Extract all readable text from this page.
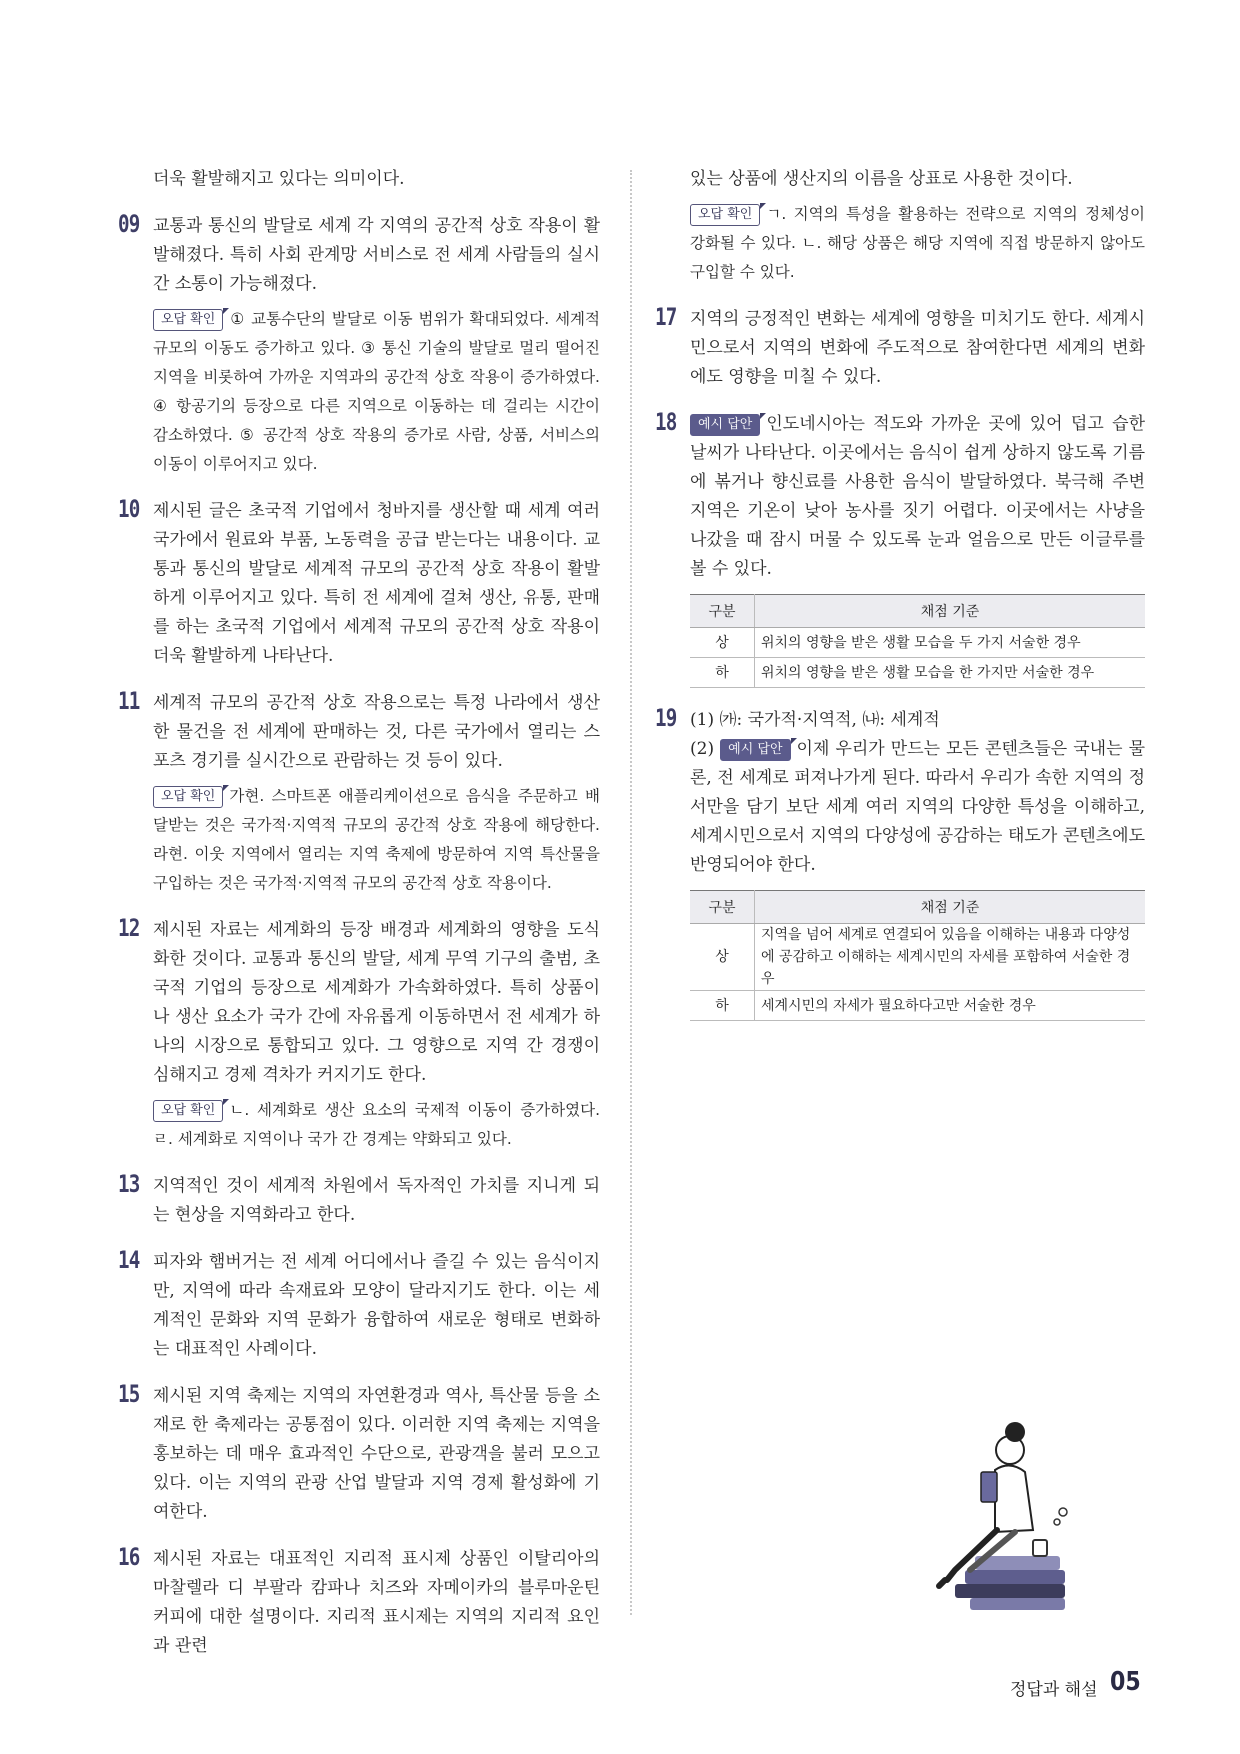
더욱 활발해지고 있다는 의미이다.

09 교통과 통신의 발달로 세계 각 지역의 공간적 상호 작용이 활발해졌다. 특히 사회 관계망 서비스로 전 세계 사람들의 실시간 소통이 가능해졌다.

오답 확인 ① 교통수단의 발달로 이동 범위가 확대되었다. 세계적 규모의 이동도 증가하고 있다. ③ 통신 기술의 발달로 멀리 떨어진 지역을 비롯하여 가까운 지역과의 공간적 상호 작용이 증가하였다. ④ 항공기의 등장으로 다른 지역으로 이동하는 데 걸리는 시간이 감소하였다. ⑤ 공간적 상호 작용의 증가로 사람, 상품, 서비스의 이동이 이루어지고 있다.

10 제시된 글은 초국적 기업에서 청바지를 생산할 때 세계 여러 국가에서 원료와 부품, 노동력을 공급 받는다는 내용이다. 교통과 통신의 발달로 세계적 규모의 공간적 상호 작용이 활발하게 이루어지고 있다. 특히 전 세계에 걸쳐 생산, 유통, 판매를 하는 초국적 기업에서 세계적 규모의 공간적 상호 작용이 더욱 활발하게 나타난다.

11 세계적 규모의 공간적 상호 작용으로는 특정 나라에서 생산한 물건을 전 세계에 판매하는 것, 다른 국가에서 열리는 스포츠 경기를 실시간으로 관람하는 것 등이 있다.

오답 확인 가현. 스마트폰 애플리케이션으로 음식을 주문하고 배달받는 것은 국가적·지역적 규모의 공간적 상호 작용에 해당한다. 라현. 이웃 지역에서 열리는 지역 축제에 방문하여 지역 특산물을 구입하는 것은 국가적·지역적 규모의 공간적 상호 작용이다.

12 제시된 자료는 세계화의 등장 배경과 세계화의 영향을 도식화한 것이다. 교통과 통신의 발달, 세계 무역 기구의 출범, 초국적 기업의 등장으로 세계화가 가속화하였다. 특히 상품이나 생산 요소가 국가 간에 자유롭게 이동하면서 전 세계가 하나의 시장으로 통합되고 있다. 그 영향으로 지역 간 경쟁이 심해지고 경제 격차가 커지기도 한다.

오답 확인 ㄴ. 세계화로 생산 요소의 국제적 이동이 증가하였다. ㄹ. 세계화로 지역이나 국가 간 경계는 약화되고 있다.

13 지역적인 것이 세계적 차원에서 독자적인 가치를 지니게 되는 현상을 지역화라고 한다.

14 피자와 햄버거는 전 세계 어디에서나 즐길 수 있는 음식이지만, 지역에 따라 속재료와 모양이 달라지기도 한다. 이는 세계적인 문화와 지역 문화가 융합하여 새로운 형태로 변화하는 대표적인 사례이다.

15 제시된 지역 축제는 지역의 자연환경과 역사, 특산물 등을 소재로 한 축제라는 공통점이 있다. 이러한 지역 축제는 지역을 홍보하는 데 매우 효과적인 수단으로, 관광객을 불러 모으고 있다. 이는 지역의 관광 산업 발달과 지역 경제 활성화에 기여한다.

16 제시된 자료는 대표적인 지리적 표시제 상품인 이탈리아의 마찰렐라 디 부팔라 캄파나 치즈와 자메이카의 블루마운틴 커피에 대한 설명이다. 지리적 표시제는 지역의 지리적 요인과 관련

있는 상품에 생산지의 이름을 상표로 사용한 것이다.

오답 확인 ㄱ. 지역의 특성을 활용하는 전략으로 지역의 정체성이 강화될 수 있다. ㄴ. 해당 상품은 해당 지역에 직접 방문하지 않아도 구입할 수 있다.

17 지역의 긍정적인 변화는 세계에 영향을 미치기도 한다. 세계시민으로서 지역의 변화에 주도적으로 참여한다면 세계의 변화에도 영향을 미칠 수 있다.

18	예시 답안 인도네시아는 적도와 가까운 곳에 있어 덥고 습한 날씨가 나타난다. 이곳에서는 음식이 쉽게 상하지 않도록 기름에 볶거나 향신료를 사용한 음식이 발달하였다. 북극해 주변 지역은 기온이 낮아 농사를 짓기 어렵다. 이곳에서는 사냥을 나갔을 때 잠시 머물 수 있도록 눈과 얼음으로 만든 이글루를 볼 수 있다.

구분	채점 기준
상	위치의 영향을 받은 생활 모습을 두 가지 서술한 경우
하	위치의 영향을 받은 생활 모습을 한 가지만 서술한 경우
19 (1) ㈎: 국가적·지역적, ㈏: 세계적

(2) 예시 답안 이제 우리가 만드는 모든 콘텐츠들은 국내는 물론, 전 세계로 퍼져나가게 된다. 따라서 우리가 속한 지역의 정서만을 담기 보단 세계 여러 지역의 다양한 특성을 이해하고, 세계시민으로서 지역의 다양성에 공감하는 태도가 콘텐츠에도 반영되어야 한다.

구분	채점 기준
상	지역을 넘어 세계로 연결되어 있음을 이해하는 내용과 다양성에 공감하고 이해하는 세계시민의 자세를 포함하여 서술한 경우
하	세계시민의 자세가 필요하다고만 서술한 경우
정답과 해설 05
